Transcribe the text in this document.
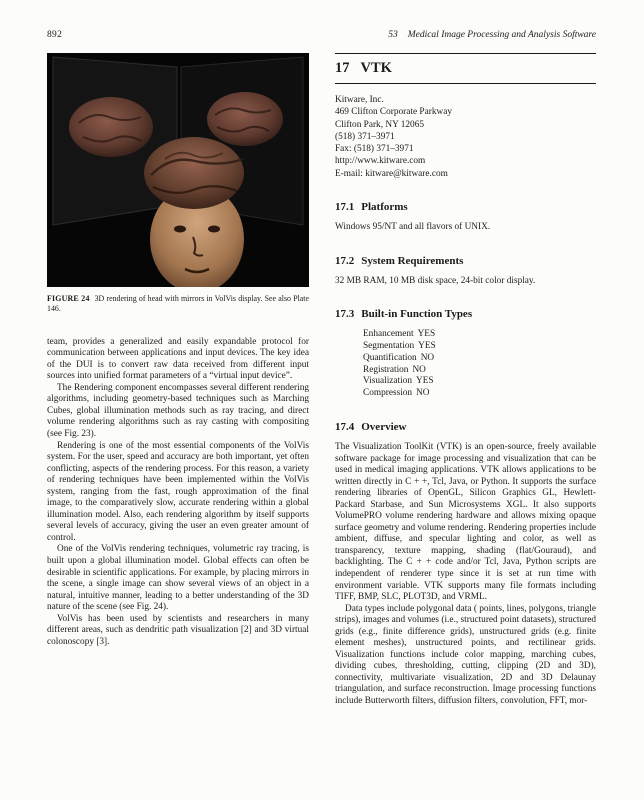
892	53 Medical Image Processing and Analysis Software
FIGURE 24 3D rendering of head with mirrors in VolVis display. See also Plate 146.

team, provides a generalized and easily expandable protocol for communication between applications and input devices. The key idea of the DUI is to convert raw data received from different input sources into unified format parameters of a “virtual input device”.

The Rendering component encompasses several different rendering algorithms, including geometry-based techniques such as Marching Cubes, global illumination methods such as ray tracing, and direct volume rendering algorithms such as ray casting with compositing (see Fig. 23).

Rendering is one of the most essential components of the VolVis system. For the user, speed and accuracy are both important, yet often conflicting, aspects of the rendering process. For this reason, a variety of rendering techniques have been implemented within the VolVis system, ranging from the fast, rough approximation of the final image, to the comparatively slow, accurate rendering within a global illumination model. Also, each rendering algorithm by itself supports several levels of accuracy, giving the user an even greater amount of control.

One of the VolVis rendering techniques, volumetric ray tracing, is built upon a global illumination model. Global effects can often be desirable in scientific applications. For example, by placing mirrors in the scene, a single image can show several views of an object in a natural, intuitive manner, leading to a better understanding of the 3D nature of the scene (see Fig. 24).

VolVis has been used by scientists and researchers in many different areas, such as dendritic path visualization [2] and 3D virtual colonoscopy [3].

17 VTK
Kitware, Inc.
469 Clifton Corporate Parkway
Clifton Park, NY 12065
(518) 371–3971
Fax: (518) 371–3971
http://www.kitware.com
E-mail: kitware@kitware.com
17.1 Platforms

Windows 95/NT and all flavors of UNIX.

17.2 System Requirements

32 MB RAM, 10 MB disk space, 24-bit color display.

17.3 Built-in Function Types
Enhancement YES
Segmentation YES
Quantification NO
Registration NO
Visualization YES
Compression NO
17.4 Overview

The Visualization ToolKit (VTK) is an open-source, freely available software package for image processing and visualization that can be used in medical imaging applications. VTK allows applications to be written directly in C + +, Tcl, Java, or Python. It supports the surface rendering libraries of OpenGL, Silicon Graphics GL, Hewlett-Packard Starbase, and Sun Microsystems XGL. It also supports VolumePRO volume rendering hardware and allows mixing opaque surface geometry and volume rendering. Rendering properties include ambient, diffuse, and specular lighting and color, as well as transparency, texture mapping, shading (flat/Gouraud), and backlighting. The C + + code and/or Tcl, Java, Python scripts are independent of renderer type since it is set at run time with environment variable. VTK supports many file formats including TIFF, BMP, SLC, PLOT3D, and VRML.

Data types include polygonal data ( points, lines, polygons, triangle strips), images and volumes (i.e., structured point datasets), structured grids (e.g., finite difference grids), unstructured grids (e.g. finite element meshes), unstructured points, and rectilinear grids. Visualization functions include color mapping, marching cubes, dividing cubes, thresholding, cutting, clipping (2D and 3D), connectivity, multivariate visualization, 2D and 3D Delaunay triangulation, and surface reconstruction. Image processing functions include Butterworth filters, diffusion filters, convolution, FFT, mor-
